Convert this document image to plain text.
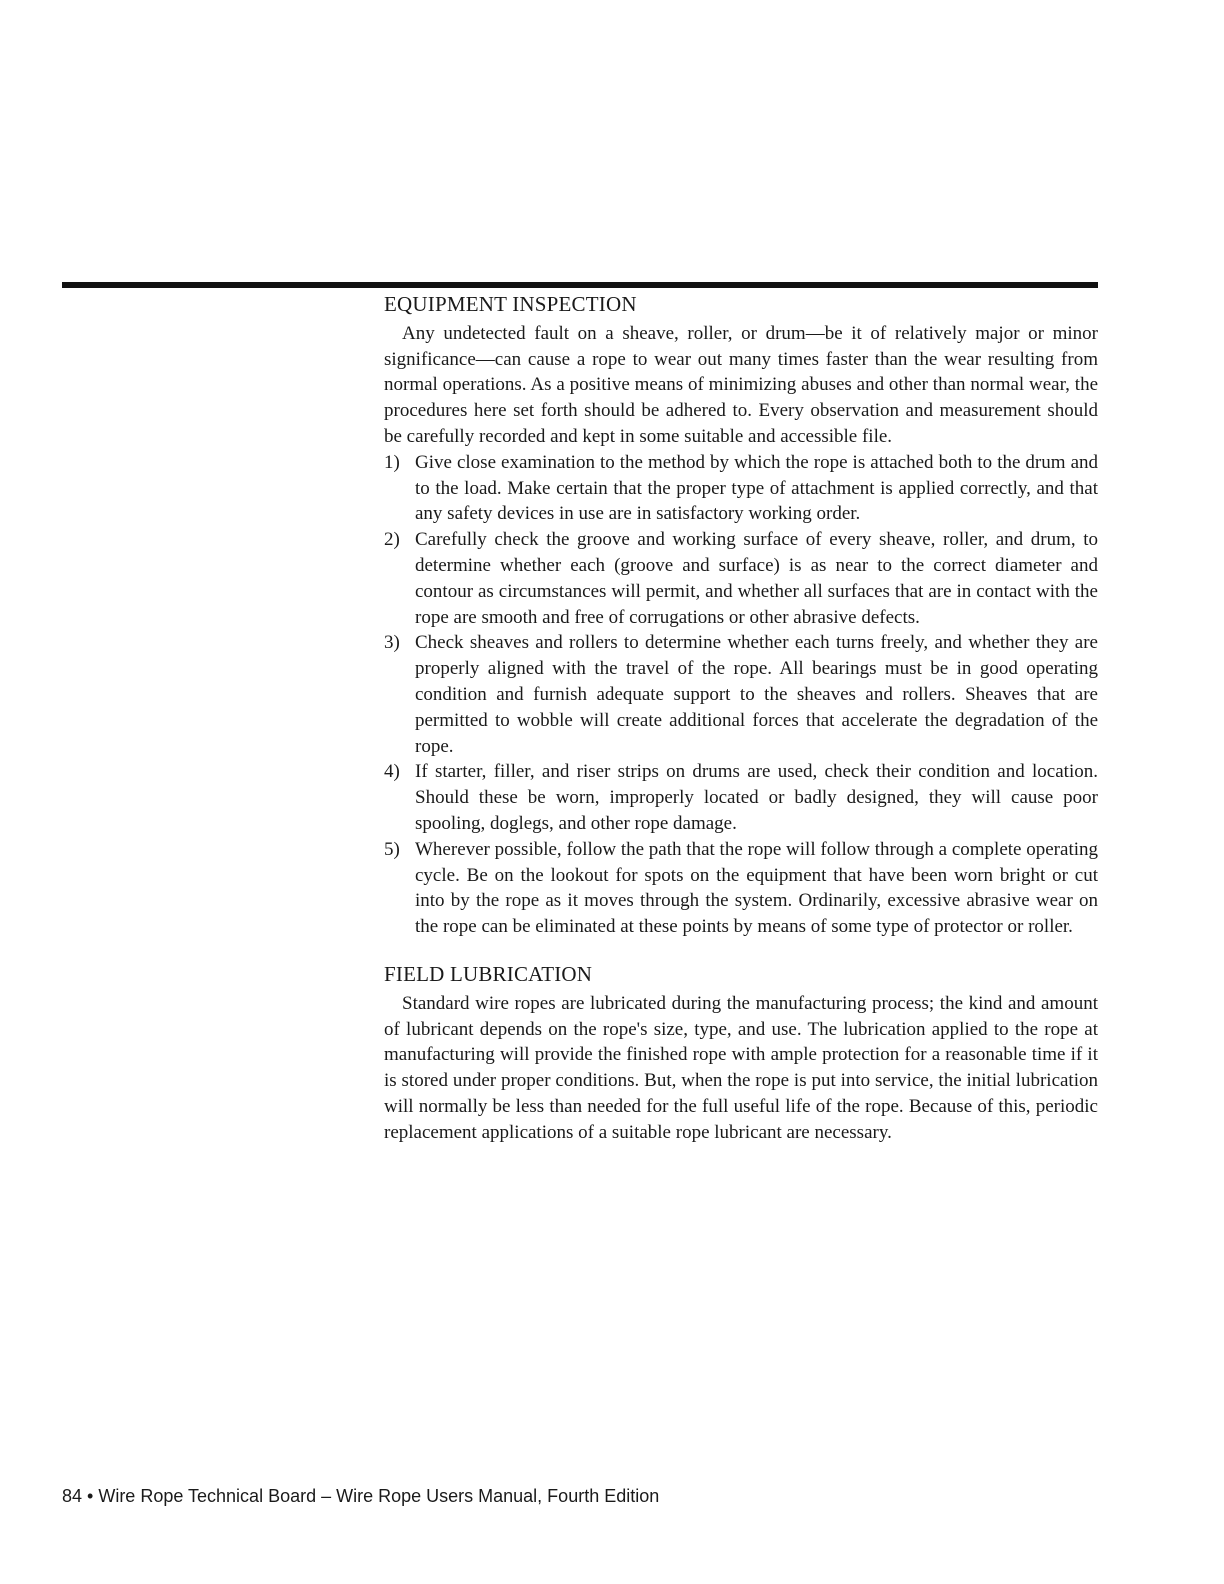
EQUIPMENT INSPECTION

Any undetected fault on a sheave, roller, or drum—be it of relatively major or minor significance—can cause a rope to wear out many times faster than the wear resulting from normal operations. As a positive means of minimizing abuses and other than normal wear, the procedures here set forth should be adhered to. Every observation and measurement should be carefully recorded and kept in some suitable and accessible file.

1) Give close examination to the method by which the rope is attached both to the drum and to the load. Make certain that the proper type of attachment is applied correctly, and that any safety devices in use are in satisfactory working order.
2) Carefully check the groove and working surface of every sheave, roller, and drum, to determine whether each (groove and surface) is as near to the correct diameter and contour as circumstances will permit, and whether all surfaces that are in contact with the rope are smooth and free of corrugations or other abrasive defects.
3) Check sheaves and rollers to determine whether each turns freely, and whether they are properly aligned with the travel of the rope. All bearings must be in good operating condition and furnish adequate support to the sheaves and rollers. Sheaves that are permitted to wobble will create additional forces that accelerate the degradation of the rope.
4) If starter, filler, and riser strips on drums are used, check their condition and location. Should these be worn, improperly located or badly designed, they will cause poor spooling, doglegs, and other rope damage.
5) Wherever possible, follow the path that the rope will follow through a complete operating cycle. Be on the lookout for spots on the equipment that have been worn bright or cut into by the rope as it moves through the system. Ordinarily, excessive abrasive wear on the rope can be eliminated at these points by means of some type of protector or roller.
FIELD LUBRICATION

Standard wire ropes are lubricated during the manufacturing process; the kind and amount of lubricant depends on the rope's size, type, and use. The lubrication applied to the rope at manufacturing will provide the finished rope with ample protection for a reasonable time if it is stored under proper conditions. But, when the rope is put into service, the initial lubrication will normally be less than needed for the full useful life of the rope. Because of this, periodic replacement applications of a suitable rope lubricant are necessary.

84 • Wire Rope Technical Board – Wire Rope Users Manual, Fourth Edition
